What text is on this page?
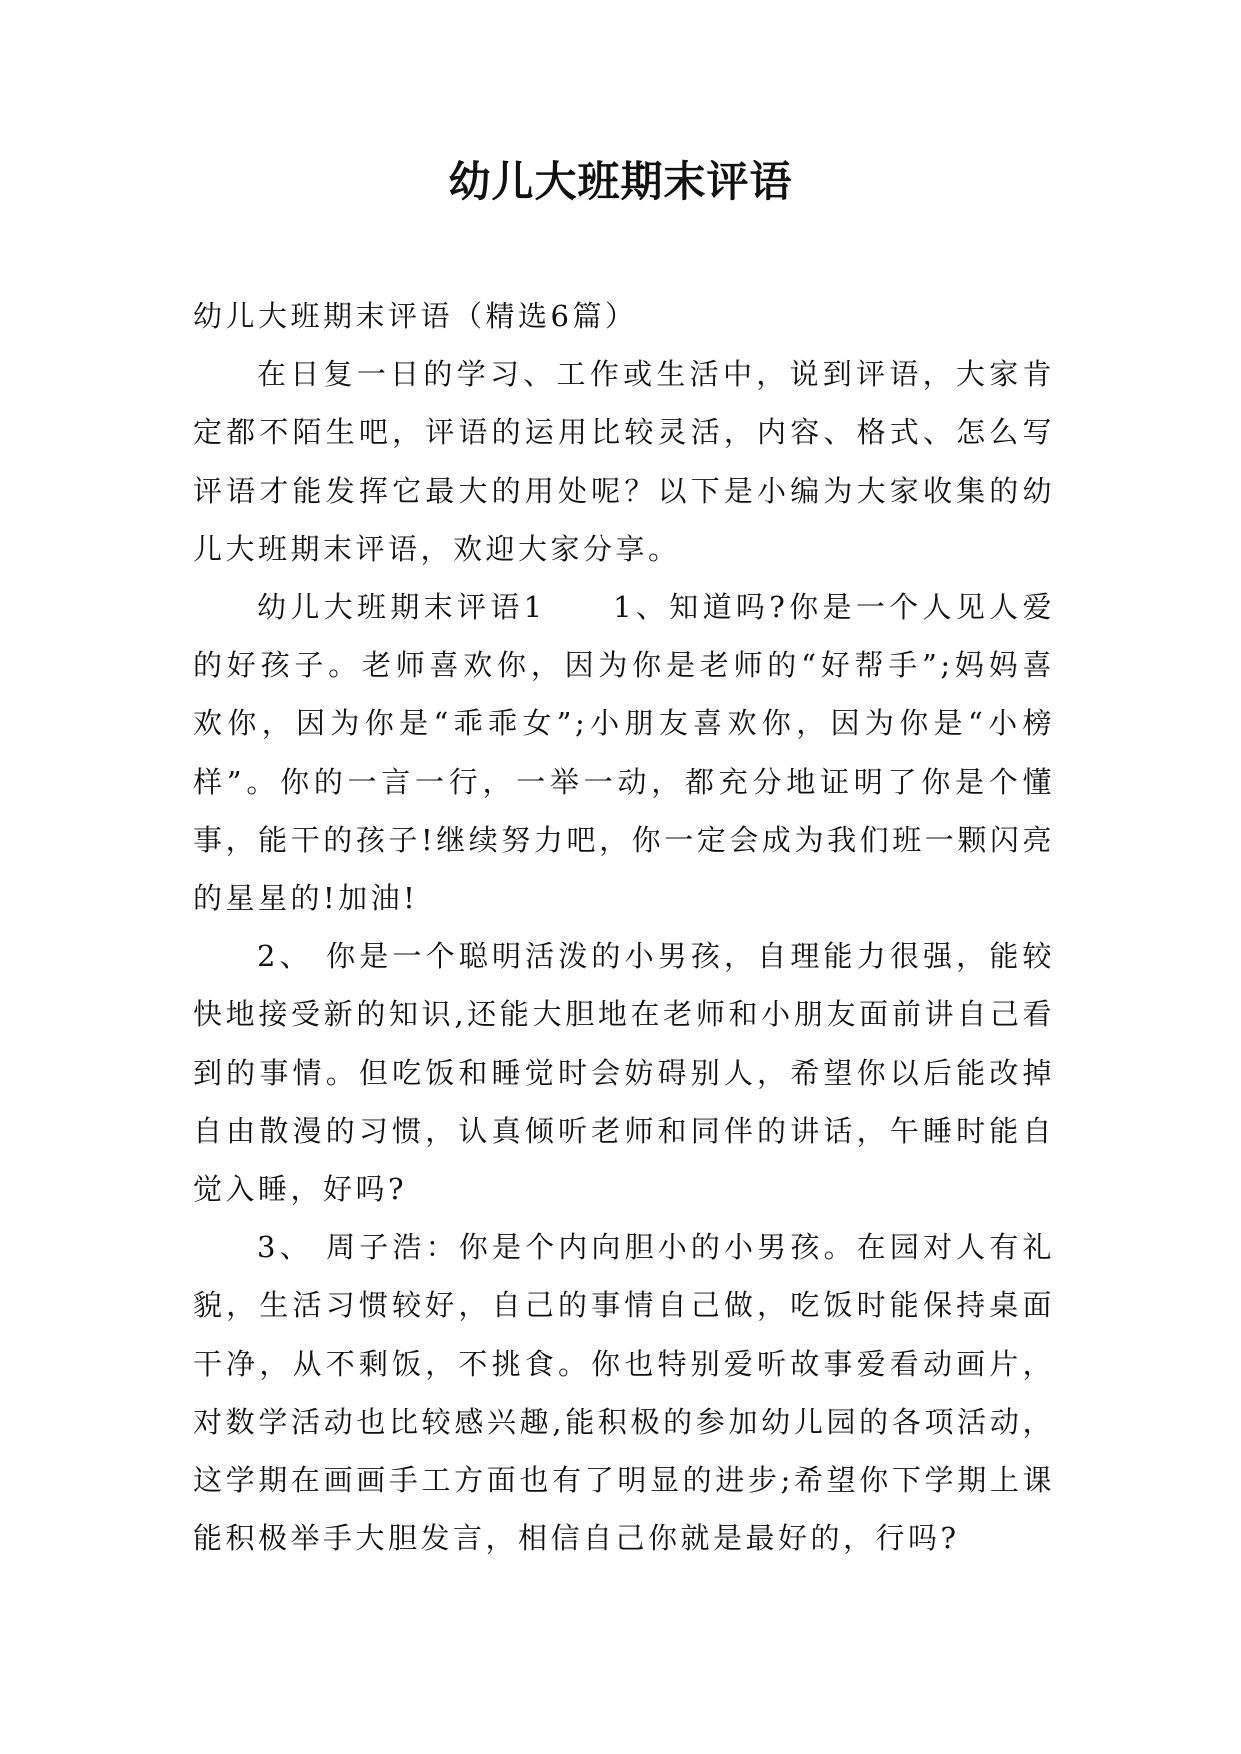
幼儿大班期末评语

幼儿大班期末评语（精选6篇）

在日复一日的学习、工作或生活中，说到评语，大家肯定都不陌生吧，评语的运用比较灵活，内容、格式、怎么写评语才能发挥它最大的用处呢？以下是小编为大家收集的幼儿大班期末评语，欢迎大家分享。

幼儿大班期末评语1　　1、知道吗?你是一个人见人爱的好孩子。老师喜欢你，因为你是老师的“好帮手”;妈妈喜欢你，因为你是“乖乖女”;小朋友喜欢你，因为你是“小榜样”。你的一言一行，一举一动，都充分地证明了你是个懂事，能干的孩子!继续努力吧，你一定会成为我们班一颗闪亮的星星的!加油!

2、 你是一个聪明活泼的小男孩，自理能力很强，能较快地接受新的知识,还能大胆地在老师和小朋友面前讲自己看到的事情。但吃饭和睡觉时会妨碍别人，希望你以后能改掉自由散漫的习惯，认真倾听老师和同伴的讲话，午睡时能自觉入睡，好吗?

3、 周子浩：你是个内向胆小的小男孩。在园对人有礼貌，生活习惯较好，自己的事情自己做，吃饭时能保持桌面干净，从不剩饭，不挑食。你也特别爱听故事爱看动画片，对数学活动也比较感兴趣,能积极的参加幼儿园的各项活动，这学期在画画手工方面也有了明显的进步;希望你下学期上课能积极举手大胆发言，相信自己你就是最好的，行吗?
